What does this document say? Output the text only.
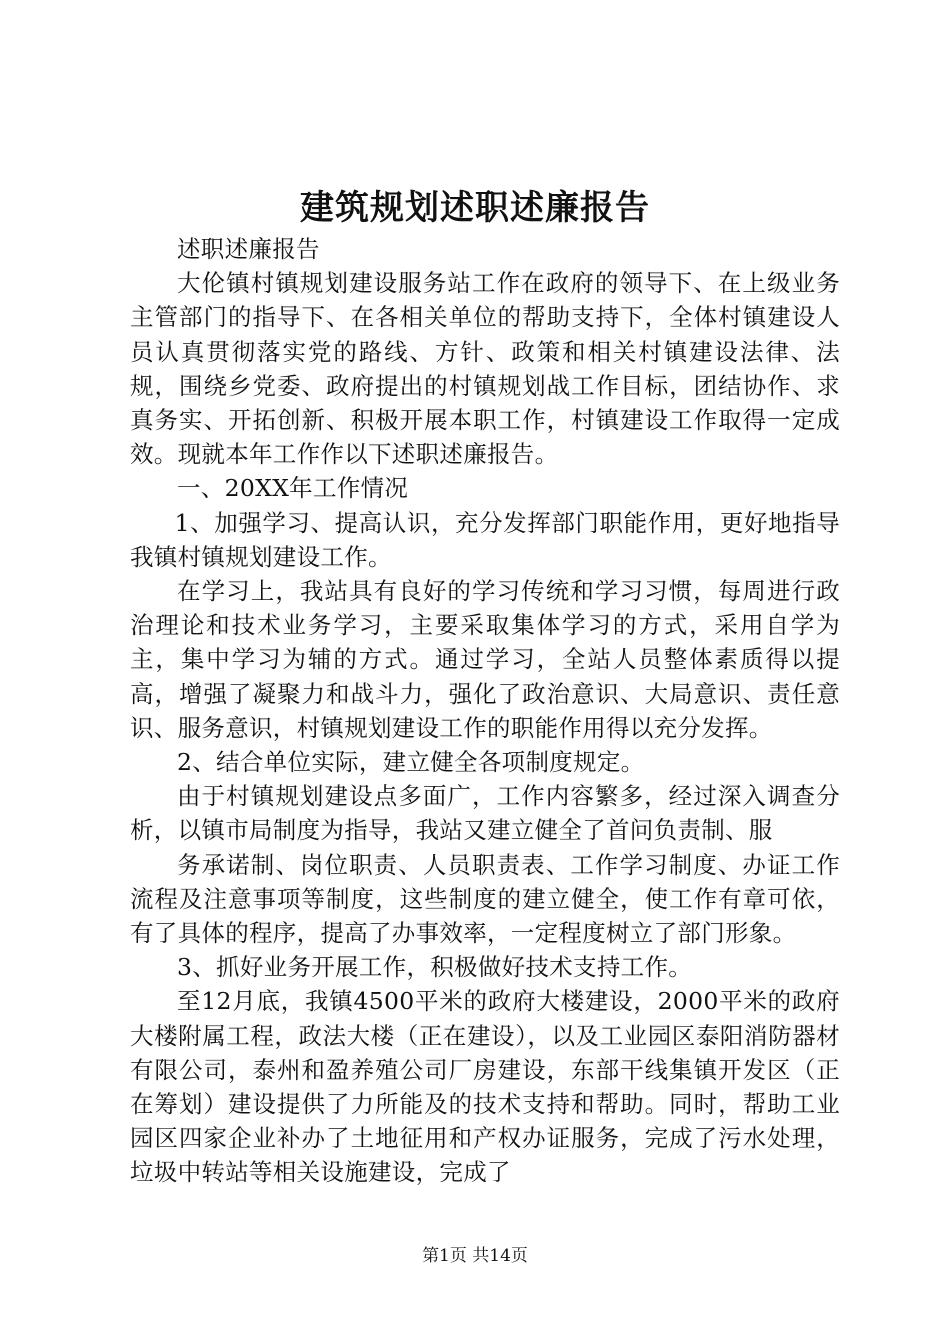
建筑规划述职述廉报告

述职述廉报告

大伦镇村镇规划建设服务站工作在政府的领导下、在上级业务主管部门的指导下、在各相关单位的帮助支持下，全体村镇建设人员认真贯彻落实党的路线、方针、政策和相关村镇建设法律、法规，围绕乡党委、政府提出的村镇规划战工作目标，团结协作、求真务实、开拓创新、积极开展本职工作，村镇建设工作取得一定成效。现就本年工作作以下述职述廉报告。

一、20XX年工作情况

1、加强学习、提高认识，充分发挥部门职能作用，更好地指导我镇村镇规划建设工作。

在学习上，我站具有良好的学习传统和学习习惯，每周进行政治理论和技术业务学习，主要采取集体学习的方式，采用自学为主，集中学习为辅的方式。通过学习，全站人员整体素质得以提高，增强了凝聚力和战斗力，强化了政治意识、大局意识、责任意识、服务意识，村镇规划建设工作的职能作用得以充分发挥。

2、结合单位实际，建立健全各项制度规定。

由于村镇规划建设点多面广，工作内容繁多，经过深入调查分析，以镇市局制度为指导，我站又建立健全了首问负责制、服

务承诺制、岗位职责、人员职责表、工作学习制度、办证工作流程及注意事项等制度，这些制度的建立健全，使工作有章可依，有了具体的程序，提高了办事效率，一定程度树立了部门形象。

3、抓好业务开展工作，积极做好技术支持工作。

至12月底，我镇4500平米的政府大楼建设，2000平米的政府大楼附属工程，政法大楼（正在建设），以及工业园区泰阳消防器材有限公司，泰州和盈养殖公司厂房建设，东部干线集镇开发区（正在筹划）建设提供了力所能及的技术支持和帮助。同时，帮助工业园区四家企业补办了土地征用和产权办证服务，完成了污水处理，垃圾中转站等相关设施建设，完成了

第1页 共14页
